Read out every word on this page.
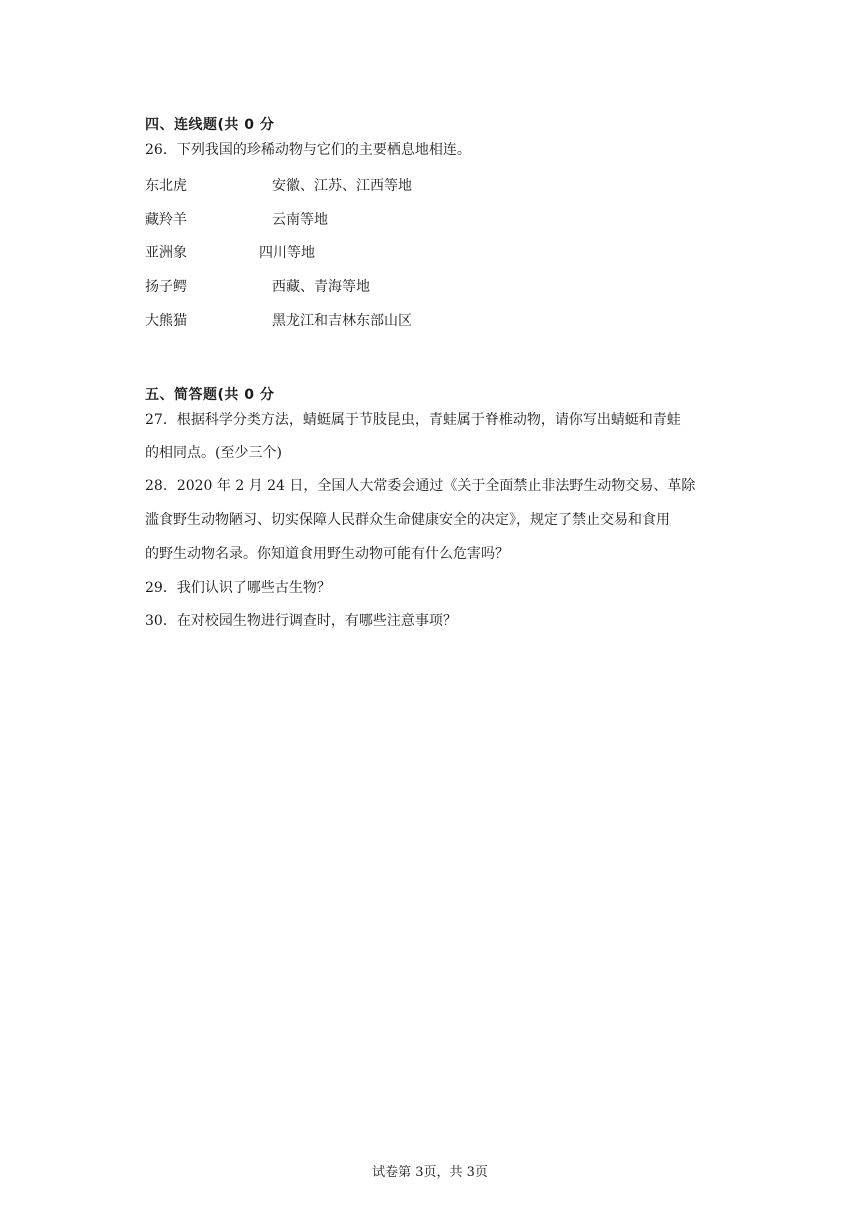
四、连线题(共 0 分
26．下列我国的珍稀动物与它们的主要栖息地相连。
东北虎	安徽、江苏、江西等地
藏羚羊	云南等地
亚洲象	四川等地
扬子鳄	西藏、青海等地
大熊猫	黑龙江和吉林东部山区
五、简答题(共 0 分
27．根据科学分类方法，蜻蜓属于节肢昆虫，青蛙属于脊椎动物，请你写出蜻蜓和青蛙
的相同点。(至少三个)
28．2020 年 2 月 24 日，全国人大常委会通过《关于全面禁止非法野生动物交易、革除
滥食野生动物陋习、切实保障人民群众生命健康安全的决定》，规定了禁止交易和食用
的野生动物名录。你知道食用野生动物可能有什么危害吗？
29．我们认识了哪些古生物？
30．在对校园生物进行调查时，有哪些注意事项？
试卷第 3页，共 3页
